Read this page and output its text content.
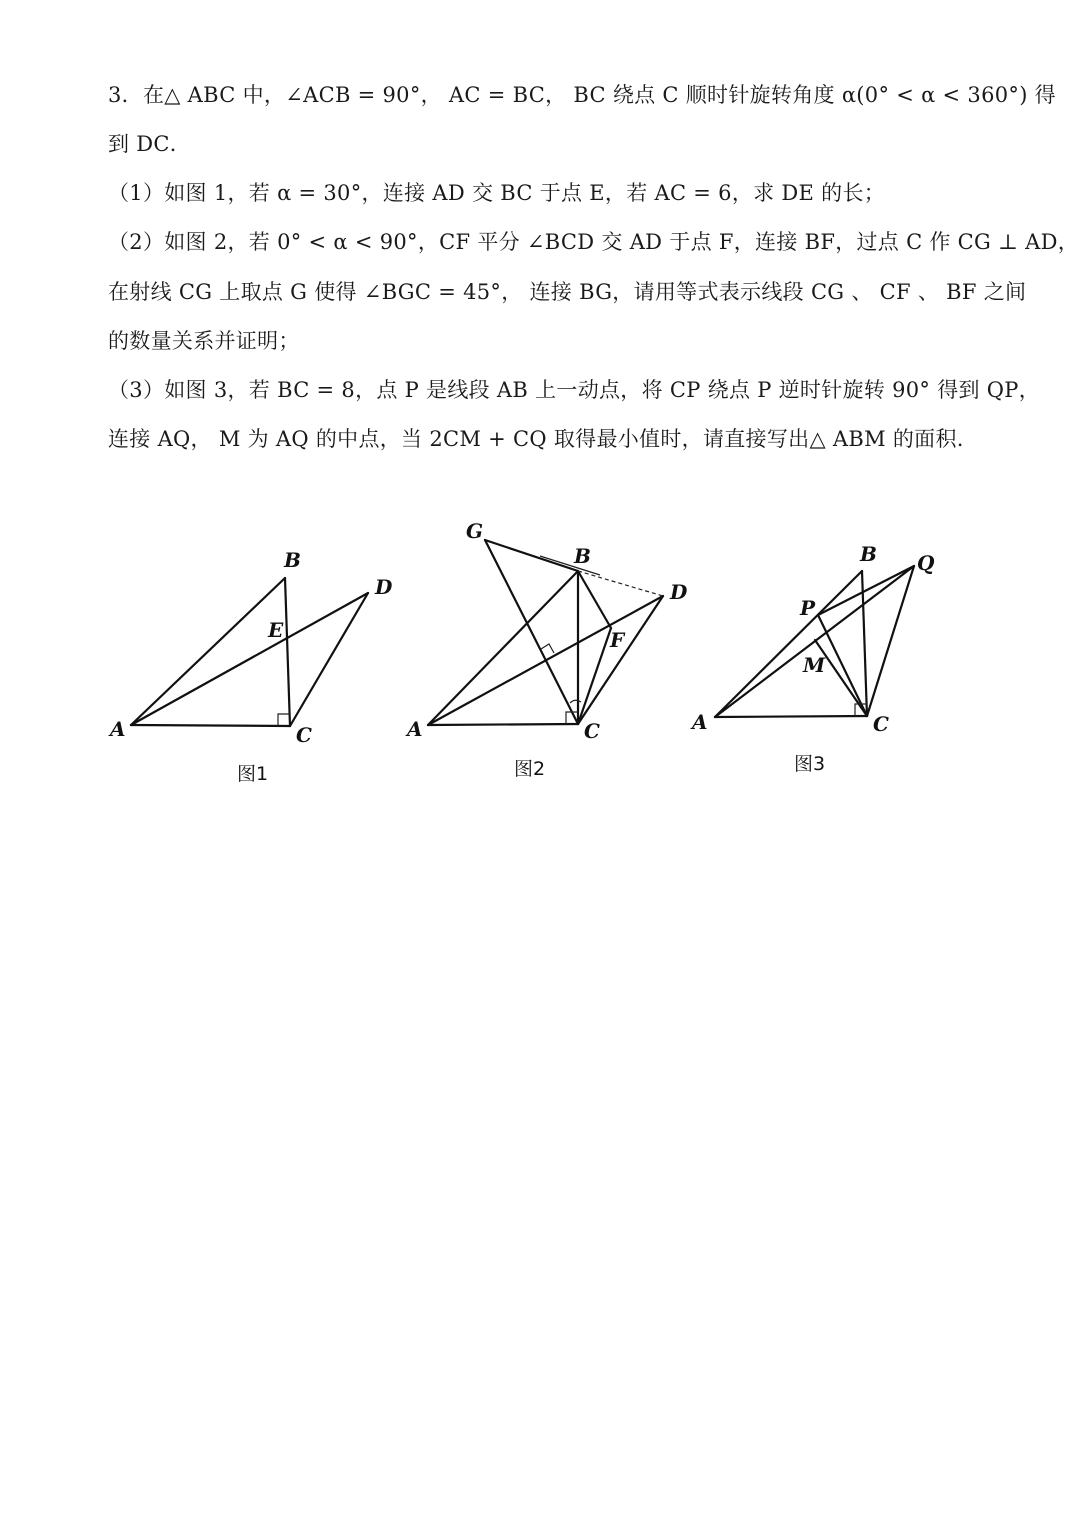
3．在△ ABC 中，∠ACB = 90°， AC = BC， BC 绕点 C 顺时针旋转角度 α(0° < α < 360°) 得
到 DC．
（1）如图 1，若 α = 30°，连接 AD 交 BC 于点 E，若 AC = 6，求 DE 的长；
（2）如图 2，若 0° < α < 90°，CF 平分 ∠BCD 交 AD 于点 F，连接 BF，过点 C 作 CG ⊥ AD，
在射线 CG 上取点 G 使得 ∠BGC = 45°， 连接 BG，请用等式表示线段 CG 、 CF 、 BF 之间
的数量关系并证明；
（3）如图 3，若 BC = 8，点 P 是线段 AB 上一动点，将 CP 绕点 P 逆时针旋转 90° 得到 QP，
连接 AQ， M 为 AQ 的中点，当 2CM + CQ 取得最小值时，请直接写出△ ABM 的面积.
A
B
C
D
E
图1
G
B
D
F
A	C
图2
B Q
P
M
A	C
图3
